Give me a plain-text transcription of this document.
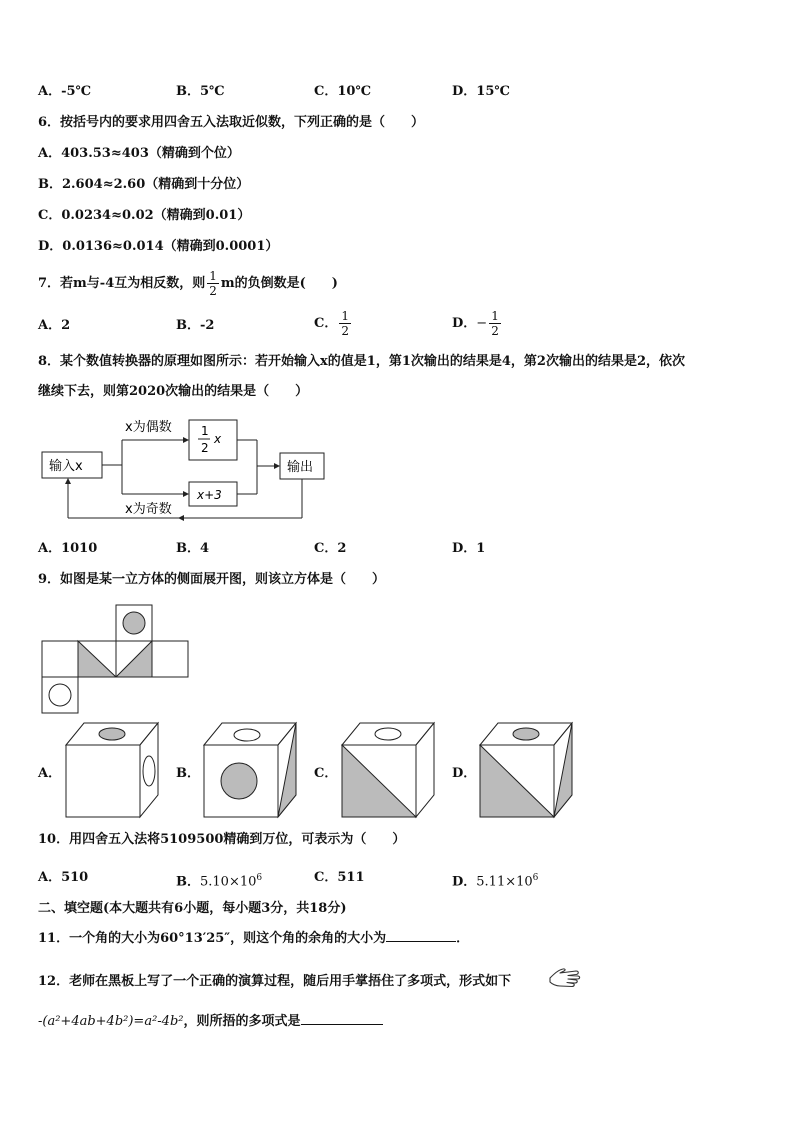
A．-5℃	B．5℃	C．10℃	D．15℃
6．按括号内的要求用四舍五入法取近似数，下列正确的是（　　）
A．403.53≈403（精确到个位）
B．2.604≈2.60（精确到十分位）
C．0.0234≈0.02（精确到0.01）
D．0.0136≈0.014（精确到0.0001）
7．若m与-4互为相反数，则 $\frac{1}{2}$ m的负倒数是(　　)
A．2	B．-2	C． $\frac{1}{2}$	D．− $\frac{1}{2}$
8．某个数值转换器的原理如图所示：若开始输入x的值是1，第1次输出的结果是4，第2次输出的结果是2，依次
继续下去，则第2020次输出的结果是（　　）
输入x
x为偶数
x为奇数
1
2
x
x+3
输出
A．1010	B．4	C．2	D．1
9．如图是某一立方体的侧面展开图，则该立方体是（　　）
A．	B．	C．	D．
10．用四舍五入法将5109500精确到万位，可表示为（　　）
A．510	B．$5.10\times 10^6$	C．511	D．$5.11\times 10^6$
二、填空题(本大题共有6小题，每小题3分，共18分)
11．一个角的大小为60°13′25″，则这个角的余角的大小为	．
12．老师在黑板上写了一个正确的演算过程，随后用手掌捂住了多项式，形式如下
-(a²+4ab+4b²)=a²-4b²，则所捂的多项式是
